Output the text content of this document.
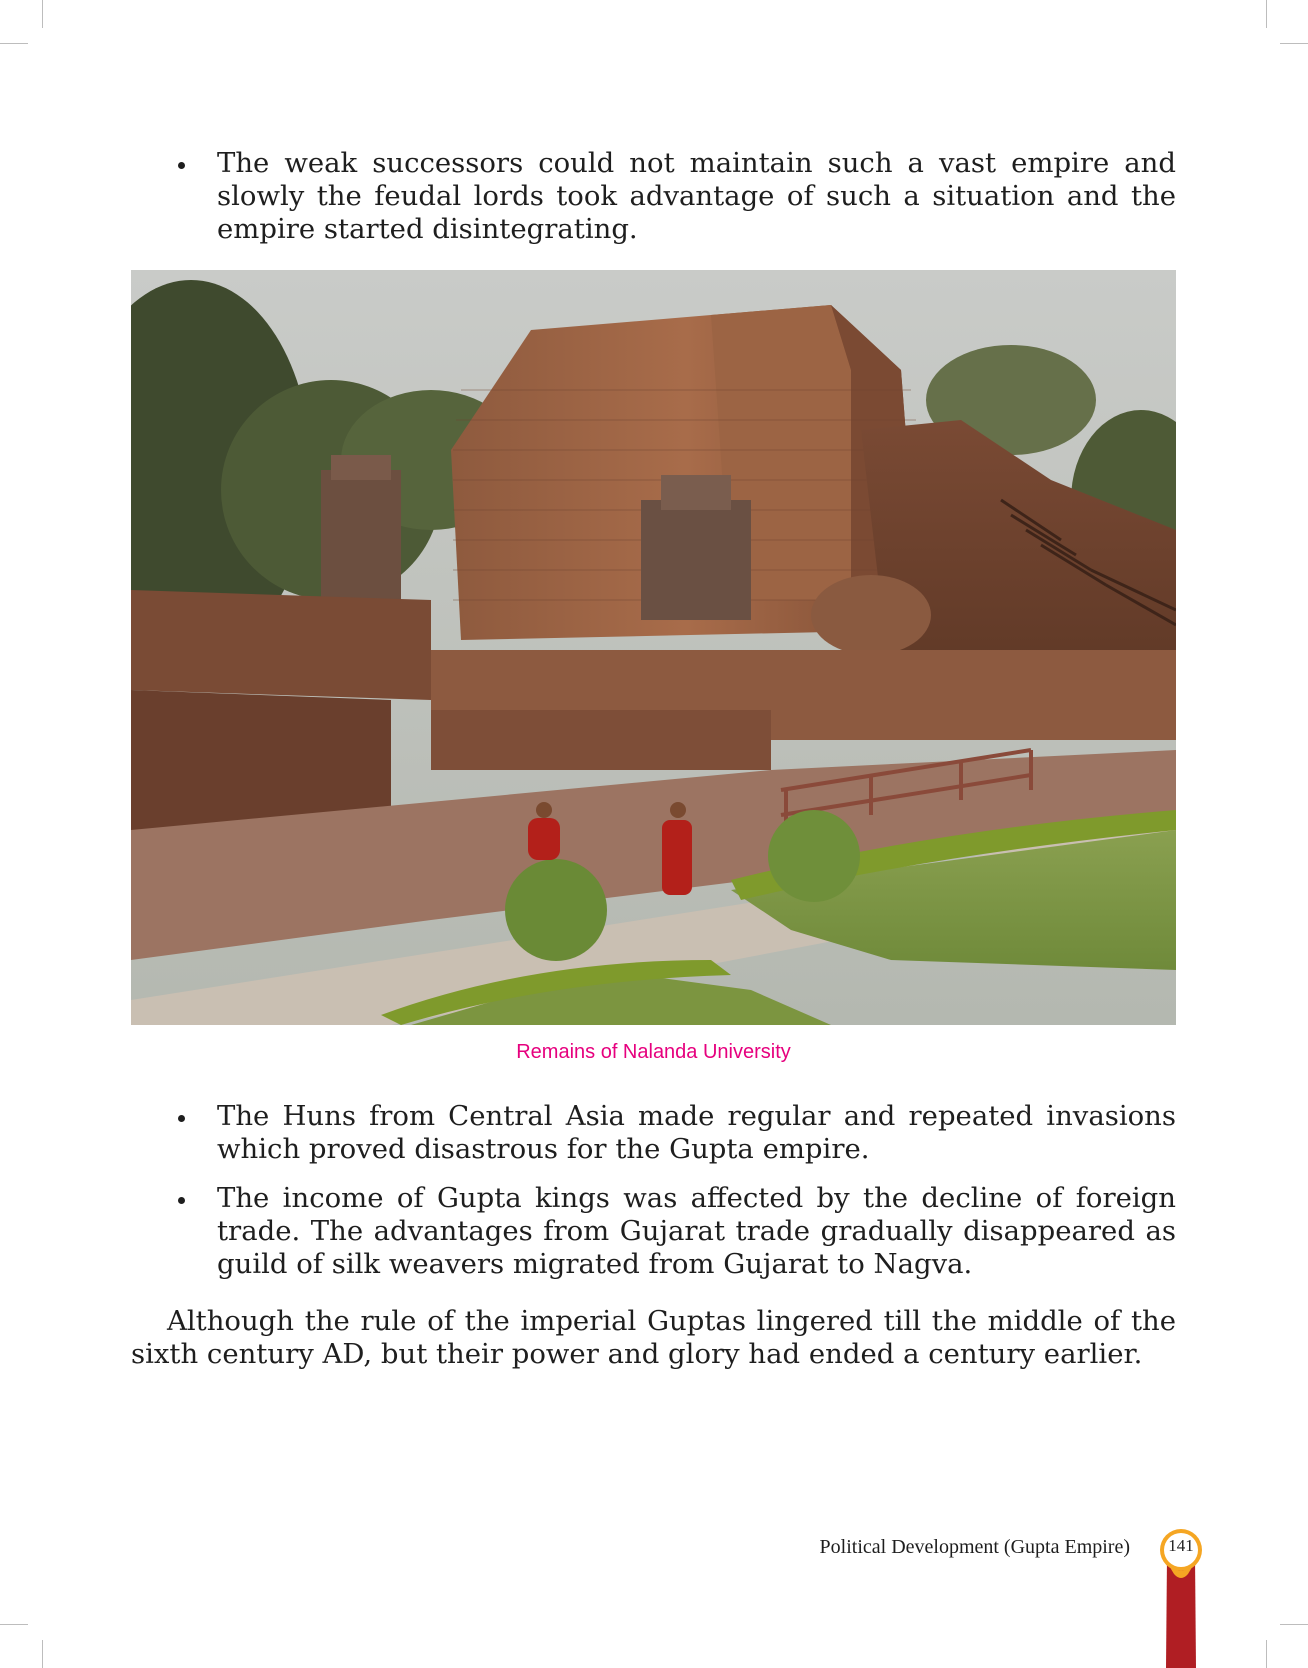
The weak successors could not maintain such a vast empire and slowly the feudal lords took advantage of such a situation and the empire started disintegrating.
Remains of Nalanda University
The Huns from Central Asia made regular and repeated invasions which proved disastrous for the Gupta empire.
The income of Gupta kings was affected by the decline of foreign trade. The advantages from Gujarat trade gradually disappeared as guild of silk weavers migrated from Gujarat to Nagva.

Although the rule of the imperial Guptas lingered till the middle of the sixth century AD, but their power and glory had ended a century earlier.

Political Development (Gupta Empire)	141
